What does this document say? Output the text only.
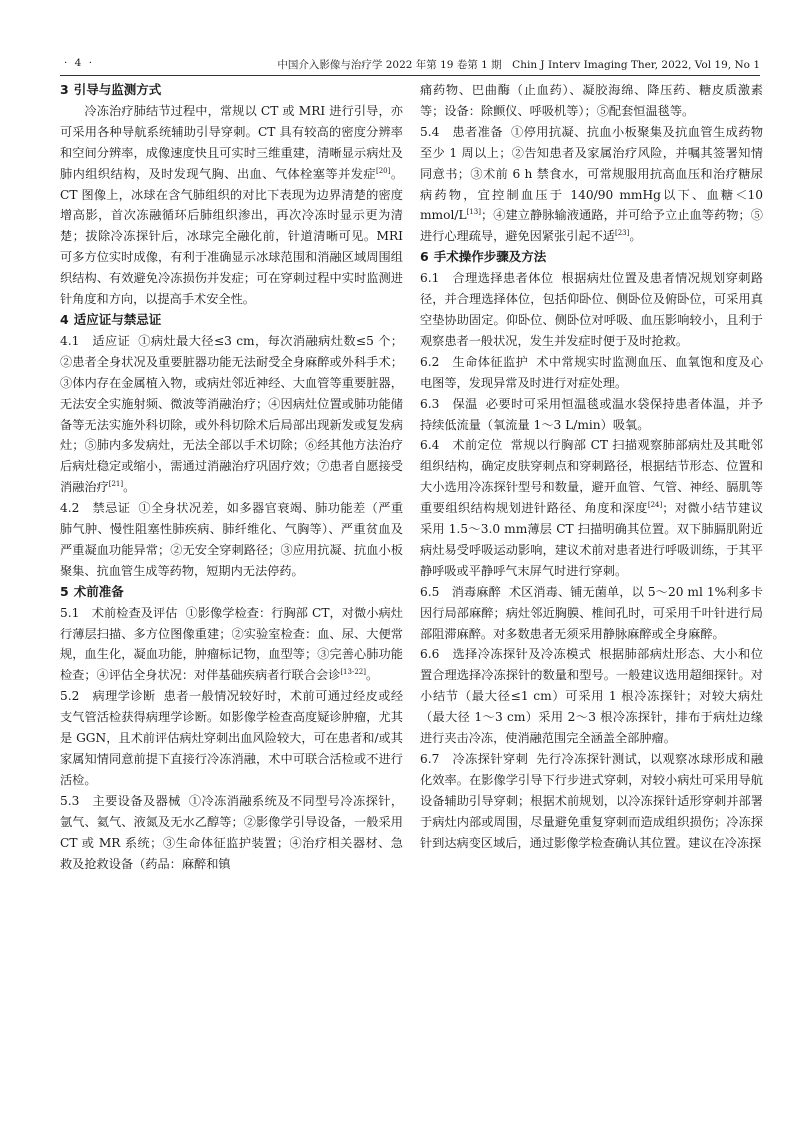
· 4 ·	中国介入影像与治疗学 2022 年第 19 卷第 1 期　Chin J Interv Imaging Ther, 2022, Vol 19, No 1
3 引导与监测方式

冷冻治疗肺结节过程中，常规以 CT 或 MRI 进行引导，亦可采用各种导航系统辅助引导穿刺。CT 具有较高的密度分辨率和空间分辨率，成像速度快且可实时三维重建，清晰显示病灶及肺内组织结构，及时发现气胸、出血、气体栓塞等并发症[20]。CT 图像上，冰球在含气肺组织的对比下表现为边界清楚的密度增高影，首次冻融循环后肺组织渗出，再次冷冻时显示更为清楚；拔除冷冻探针后，冰球完全融化前，针道清晰可见。MRI 可多方位实时成像，有利于准确显示冰球范围和消融区域周围组织结构、有效避免冷冻损伤并发症；可在穿刺过程中实时监测进针角度和方向，以提高手术安全性。

4 适应证与禁忌证

4.1　适应证 ①病灶最大径≤3 cm，每次消融病灶数≤5 个；②患者全身状况及重要脏器功能无法耐受全身麻醉或外科手术；③体内存在金属植入物，或病灶邻近神经、大血管等重要脏器，无法安全实施射频、微波等消融治疗；④因病灶位置或肺功能储备等无法实施外科切除，或外科切除术后局部出现新发或复发病灶；⑤肺内多发病灶，无法全部以手术切除；⑥经其他方法治疗后病灶稳定或缩小，需通过消融治疗巩固疗效；⑦患者自愿接受消融治疗[21]。

4.2　禁忌证 ①全身状况差，如多器官衰竭、肺功能差（严重肺气肿、慢性阻塞性肺疾病、肺纤维化、气胸等）、严重贫血及严重凝血功能异常；②无安全穿刺路径；③应用抗凝、抗血小板聚集、抗血管生成等药物，短期内无法停药。

5 术前准备

5.1　术前检查及评估 ①影像学检查：行胸部 CT，对微小病灶行薄层扫描、多方位图像重建；②实验室检查：血、尿、大便常规，血生化，凝血功能，肿瘤标记物，血型等；③完善心肺功能检查；④评估全身状况：对伴基础疾病者行联合会诊[13-22]。

5.2　病理学诊断 患者一般情况较好时，术前可通过经皮或经支气管活检获得病理学诊断。如影像学检查高度疑诊肿瘤，尤其是 GGN，且术前评估病灶穿刺出血风险较大，可在患者和/或其家属知情同意前提下直接行冷冻消融，术中可联合活检或不进行活检。

5.3　主要设备及器械 ①冷冻消融系统及不同型号冷冻探针，氩气、氦气、液氮及无水乙醇等；②影像学引导设备，一般采用 CT 或 MR 系统；③生命体征监护装置；④治疗相关器材、急救及抢救设备（药品：麻醉和镇

痛药物、巴曲酶（止血药）、凝胶海绵、降压药、糖皮质激素等；设备：除颤仪、呼吸机等）；⑤配套恒温毯等。

5.4　患者准备 ①停用抗凝、抗血小板聚集及抗血管生成药物至少 1 周以上；②告知患者及家属治疗风险，并嘱其签署知情同意书；③术前 6 h 禁食水，可常规服用抗高血压和治疗糖尿病药物，宜控制血压于 140/90 mmHg以下、血糖＜10 mmol/L[13]；④建立静脉输液通路，并可给予立止血等药物；⑤进行心理疏导，避免因紧张引起不适[23]。

6 手术操作步骤及方法

6.1　合理选择患者体位 根据病灶位置及患者情况规划穿刺路径，并合理选择体位，包括仰卧位、侧卧位及俯卧位，可采用真空垫协助固定。仰卧位、侧卧位对呼吸、血压影响较小，且利于观察患者一般状况，发生并发症时便于及时抢救。

6.2　生命体征监护 术中常规实时监测血压、血氧饱和度及心电图等，发现异常及时进行对症处理。

6.3　保温 必要时可采用恒温毯或温水袋保持患者体温，并予持续低流量（氧流量 1～3 L/min）吸氧。

6.4　术前定位 常规以行胸部 CT 扫描观察肺部病灶及其毗邻组织结构，确定皮肤穿刺点和穿刺路径，根据结节形态、位置和大小选用冷冻探针型号和数量，避开血管、气管、神经、膈肌等重要组织结构规划进针路径、角度和深度[24]；对微小结节建议采用 1.5～3.0 mm薄层 CT 扫描明确其位置。双下肺膈肌附近病灶易受呼吸运动影响，建议术前对患者进行呼吸训练，于其平静呼吸或平静呼气末屏气时进行穿刺。

6.5　消毒麻醉 术区消毒、铺无菌单，以 5～20 ml 1%利多卡因行局部麻醉；病灶邻近胸膜、椎间孔时，可采用千叶针进行局部阻滞麻醉。对多数患者无须采用静脉麻醉或全身麻醉。

6.6　选择冷冻探针及冷冻模式 根据肺部病灶形态、大小和位置合理选择冷冻探针的数量和型号。一般建议选用超细探针。对小结节（最大径≤1 cm）可采用 1 根冷冻探针；对较大病灶（最大径 1～3 cm）采用 2～3 根冷冻探针，排布于病灶边缘进行夹击冷冻，使消融范围完全涵盖全部肿瘤。

6.7　冷冻探针穿刺 先行冷冻探针测试，以观察冰球形成和融化效率。在影像学引导下行步进式穿刺，对较小病灶可采用导航设备辅助引导穿刺；根据术前规划，以冷冻探针适形穿刺并部署于病灶内部或周围，尽量避免重复穿刺而造成组织损伤；冷冻探针到达病变区域后，通过影像学检查确认其位置。建议在冷冻探
